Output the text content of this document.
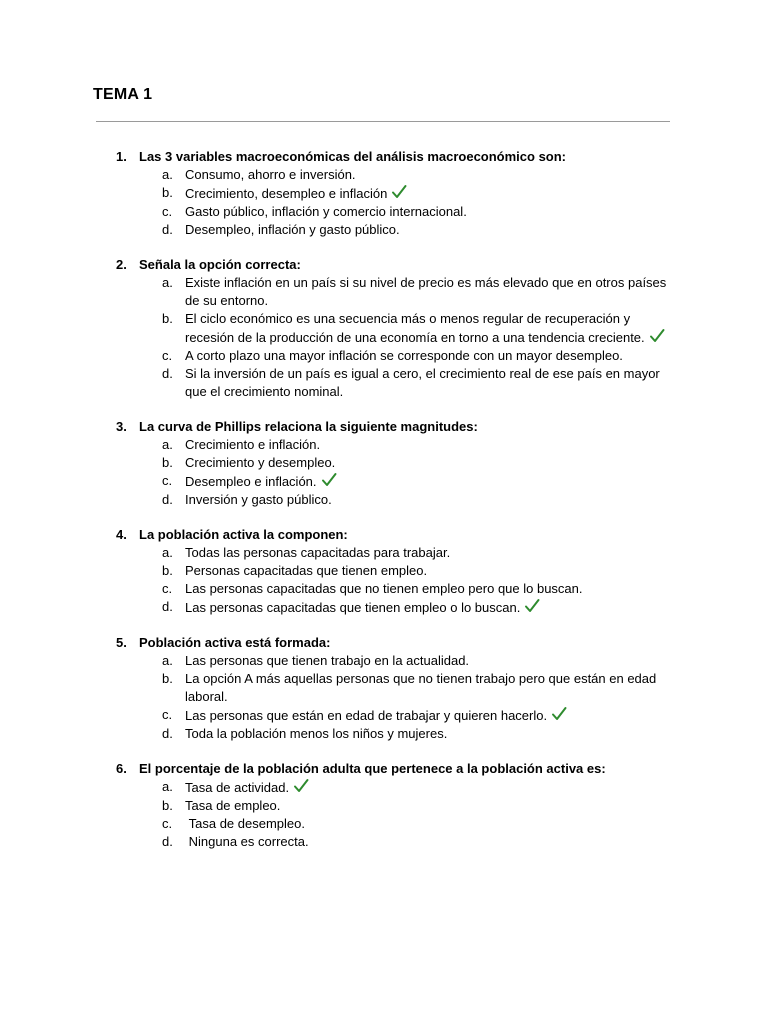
TEMA 1
1. Las 3 variables macroeconómicas del análisis macroeconómico son:
a. Consumo, ahorro e inversión.
b. Crecimiento, desempleo e inflación
c. Gasto público, inflación y comercio internacional.
d. Desempleo, inflación y gasto público.
2. Señala la opción correcta:
a. Existe inflación en un país si su nivel de precio es más elevado que en otros países de su entorno.
b. El ciclo económico es una secuencia más o menos regular de recuperación y recesión de la producción de una economía en torno a una tendencia creciente.
c. A corto plazo una mayor inflación se corresponde con un mayor desempleo.
d. Si la inversión de un país es igual a cero, el crecimiento real de ese país en mayor que el crecimiento nominal.
3. La curva de Phillips relaciona la siguiente magnitudes:
a. Crecimiento e inflación.
b. Crecimiento y desempleo.
c. Desempleo e inflación.
d. Inversión y gasto público.
4. La población activa la componen:
a. Todas las personas capacitadas para trabajar.
b. Personas capacitadas que tienen empleo.
c. Las personas capacitadas que no tienen empleo pero que lo buscan.
d. Las personas capacitadas que tienen empleo o lo buscan.
5. Población activa está formada:
a. Las personas que tienen trabajo en la actualidad.
b. La opción A más aquellas personas que no tienen trabajo pero que están en edad laboral.
c. Las personas que están en edad de trabajar y quieren hacerlo.
d. Toda la población menos los niños y mujeres.
6. El porcentaje de la población adulta que pertenece a la población activa es:
a. Tasa de actividad.
b. Tasa de empleo.
c. Tasa de desempleo.
d. Ninguna es correcta.
